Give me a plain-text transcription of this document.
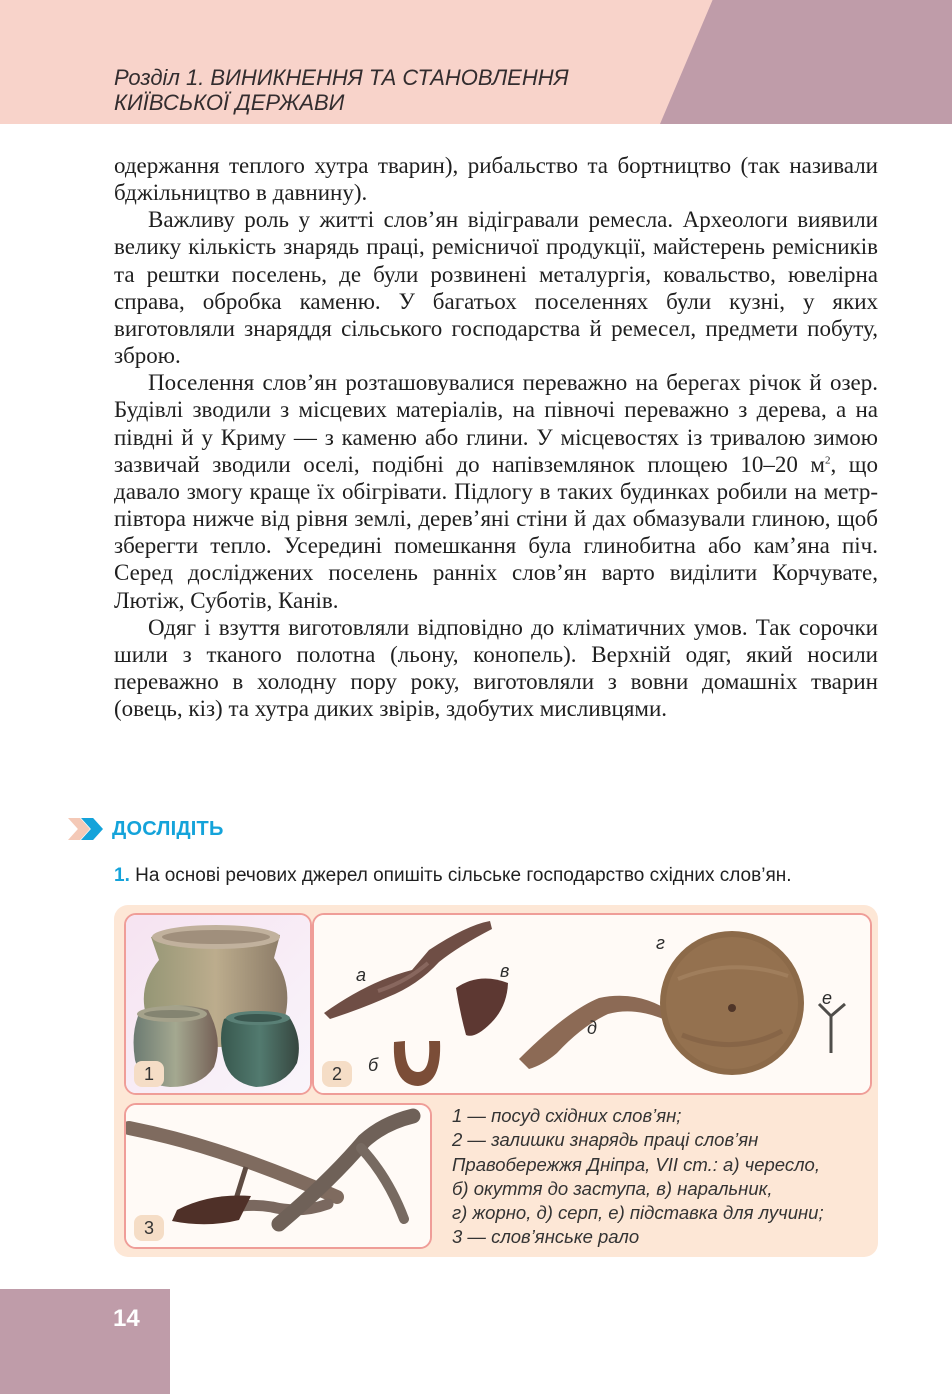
Розділ 1. ВИНИКНЕННЯ ТА СТАНОВЛЕННЯ
КИЇВСЬКОЇ ДЕРЖАВИ

одержання теплого хутра тварин), рибальство та бортництво (так називали бджільництво в давнину).

Важливу роль у житті слов’ян відігравали ремесла. Археологи виявили велику кількість знарядь праці, ремісничої продукції, майстерень ремісників та рештки поселень, де були розвинені металургія, ковальство, ювелірна справа, обробка каменю. У багатьох поселеннях були кузні, у яких виготовляли знаряддя сільського господарства й ремесел, предмети побуту, зброю.

Поселення слов’ян розташовувалися переважно на берегах річок й озер. Будівлі зводили з місцевих матеріалів, на півночі переважно з дерева, а на півдні й у Криму — з каменю або глини. У місцевостях із тривалою зимою зазвичай зводили оселі, подібні до напівземлянок площею 10–20 $м^2$, що давало змогу краще їх обігрівати. Підлогу в таких будинках робили на метр-півтора нижче від рівня землі, дерев’яні стіни й дах обмазували глиною, щоб зберегти тепло. Усередині помешкання була глинобитна або кам’яна піч. Серед досліджених поселень ранніх слов’ян варто виділити Корчувате, Лютіж, Суботів, Канів.

Одяг і взуття виготовляли відповідно до кліматичних умов. Так сорочки шили з тканого полотна (льону, конопель). Верхній одяг, який носили переважно в холодну пору року, виготовляли з вовни домашніх тварин (овець, кіз) та хутра диких звірів, здобутих мисливцями.

ДОСЛІДІТЬ
1. На основі речових джерел опишіть сільське господарство східних слов’ян.
1
а
б
в
г
д
е
2
3
1 — посуд східних слов’ян;
2 — залишки знарядь праці слов’ян
Правобережжя Дніпра, VII ст.: а) чересло,
б) окуття до заступа, в) наральник,
г) жорно, д) серп, е) підставка для лучини;
3 — слов’янське рало
14
